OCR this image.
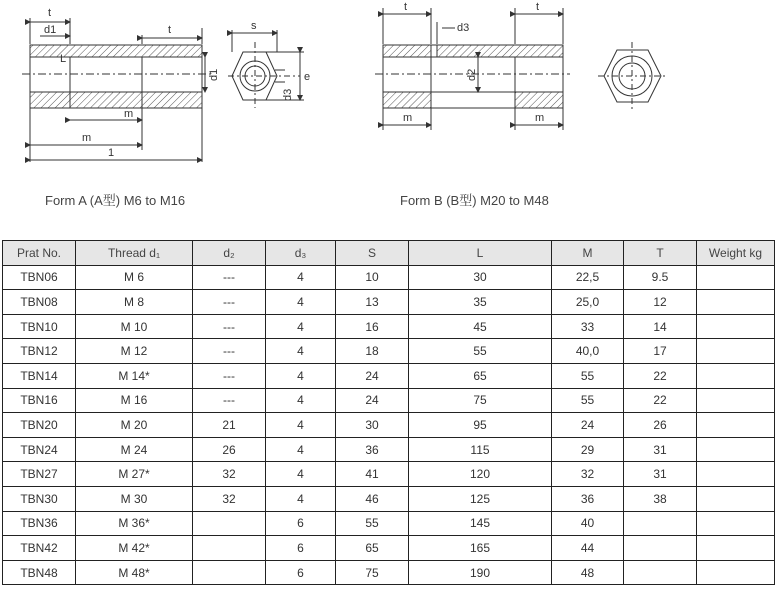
t
d1	t
L
m
m
1
d1
s
e
d3
t
d3
t
d2
m	m
Form A (A型) M6 to M16	Form B (B型) M20 to M48
Prat No.	Thread d₁	d₂	d₃	S	L	M	T	Weight kg
TBN06	M 6	---	4	10	30	22,5	9.5	
TBN08	M 8	---	4	13	35	25,0	12	
TBN10	M 10	---	4	16	45	33	14	
TBN12	M 12	---	4	18	55	40,0	17	
TBN14	M 14*	---	4	24	65	55	22	
TBN16	M 16	---	4	24	75	55	22	
TBN20	M 20	21	4	30	95	24	26	
TBN24	M 24	26	4	36	115	29	31	
TBN27	M 27*	32	4	41	120	32	31	
TBN30	M 30	32	4	46	125	36	38	
TBN36	M 36*		6	55	145	40		
TBN42	M 42*		6	65	165	44		
TBN48	M 48*		6	75	190	48		
